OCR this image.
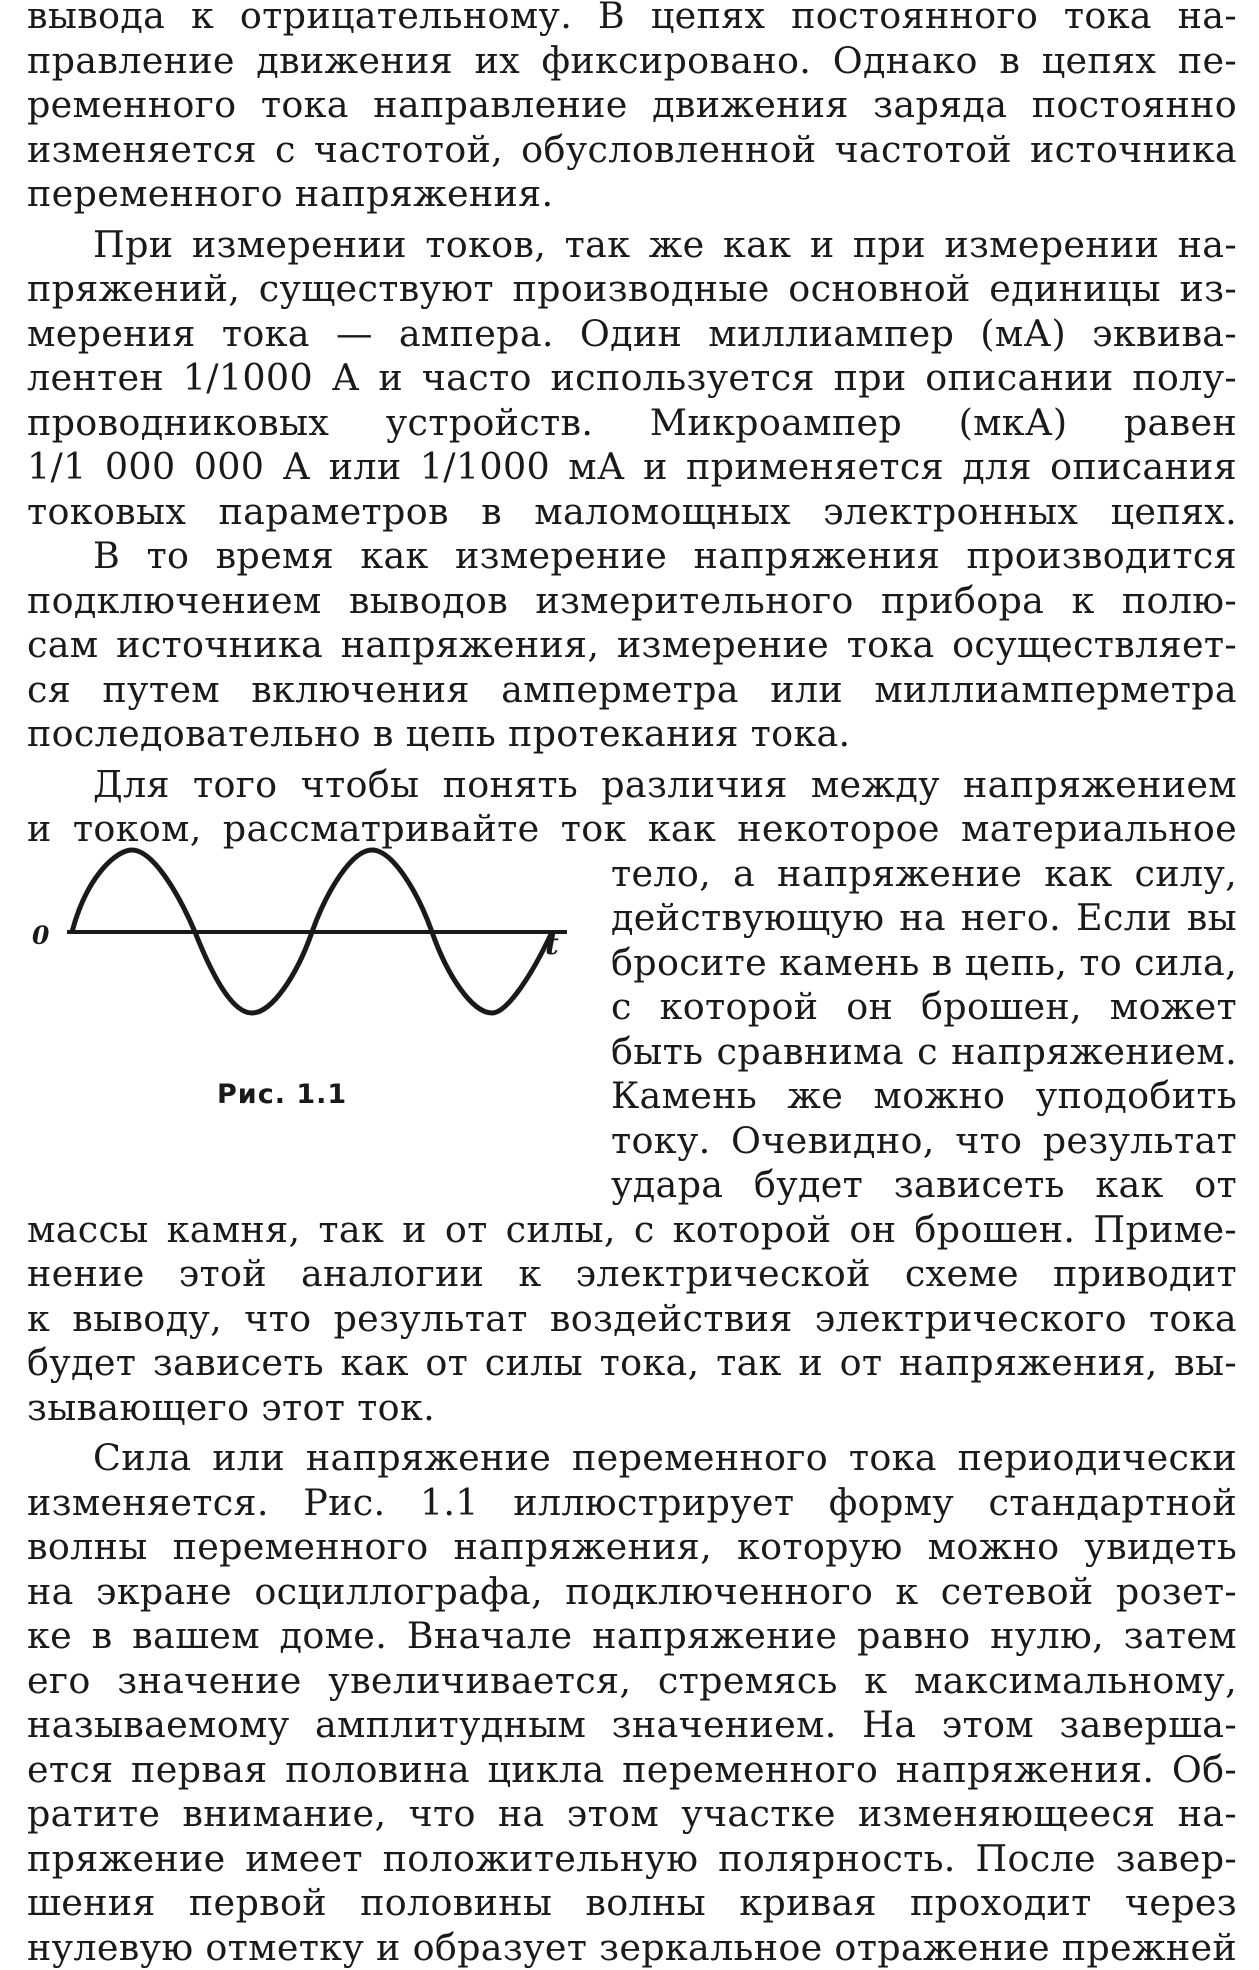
вывода к отрицательному. В цепях постоянного тока на-
правление движения их фиксировано. Однако в цепях пе-
ременного тока направление движения заряда постоянно
изменяется с частотой, обусловленной частотой источника
переменного напряжения.
При измерении токов, так же как и при измерении на-
пряжений, существуют производные основной единицы из-
мерения тока — ампера. Один миллиампер (мА) эквива-
лентен 1/1000 А и часто используется при описании полу-
проводниковых устройств. Микроампер (мкА) равен
1/1 000 000 А или 1/1000 мА и применяется для описания
токовых параметров в маломощных электронных цепях.
В то время как измерение напряжения производится
подключением выводов измерительного прибора к полю-
сам источника напряжения, измерение тока осуществляет-
ся путем включения амперметра или миллиамперметра
последовательно в цепь протекания тока.
Для того чтобы понять различия между напряжением
и током, рассматривайте ток как некоторое материальное
тело, а напряжение как силу,
действующую на него. Если вы
бросите камень в цепь, то сила,
с которой он брошен, может
быть сравнима с напряжением.
Камень же можно уподобить
току. Очевидно, что результат
удара будет зависеть как от
массы камня, так и от силы, с которой он брошен. Приме-
нение этой аналогии к электрической схеме приводит
к выводу, что результат воздействия электрического тока
будет зависеть как от силы тока, так и от напряжения, вы-
зывающего этот ток.
Сила или напряжение переменного тока периодически
изменяется. Рис. 1.1 иллюстрирует форму стандартной
волны переменного напряжения, которую можно увидеть
на экране осциллографа, подключенного к сетевой розет-
ке в вашем доме. Вначале напряжение равно нулю, затем
его значение увеличивается, стремясь к максимальному,
называемому амплитудным значением. На этом заверша-
ется первая половина цикла переменного напряжения. Об-
ратите внимание, что на этом участке изменяющееся на-
пряжение имеет положительную полярность. После завер-
шения первой половины волны кривая проходит через
нулевую отметку и образует зеркальное отражение прежней
0	t
Рис. 1.1
